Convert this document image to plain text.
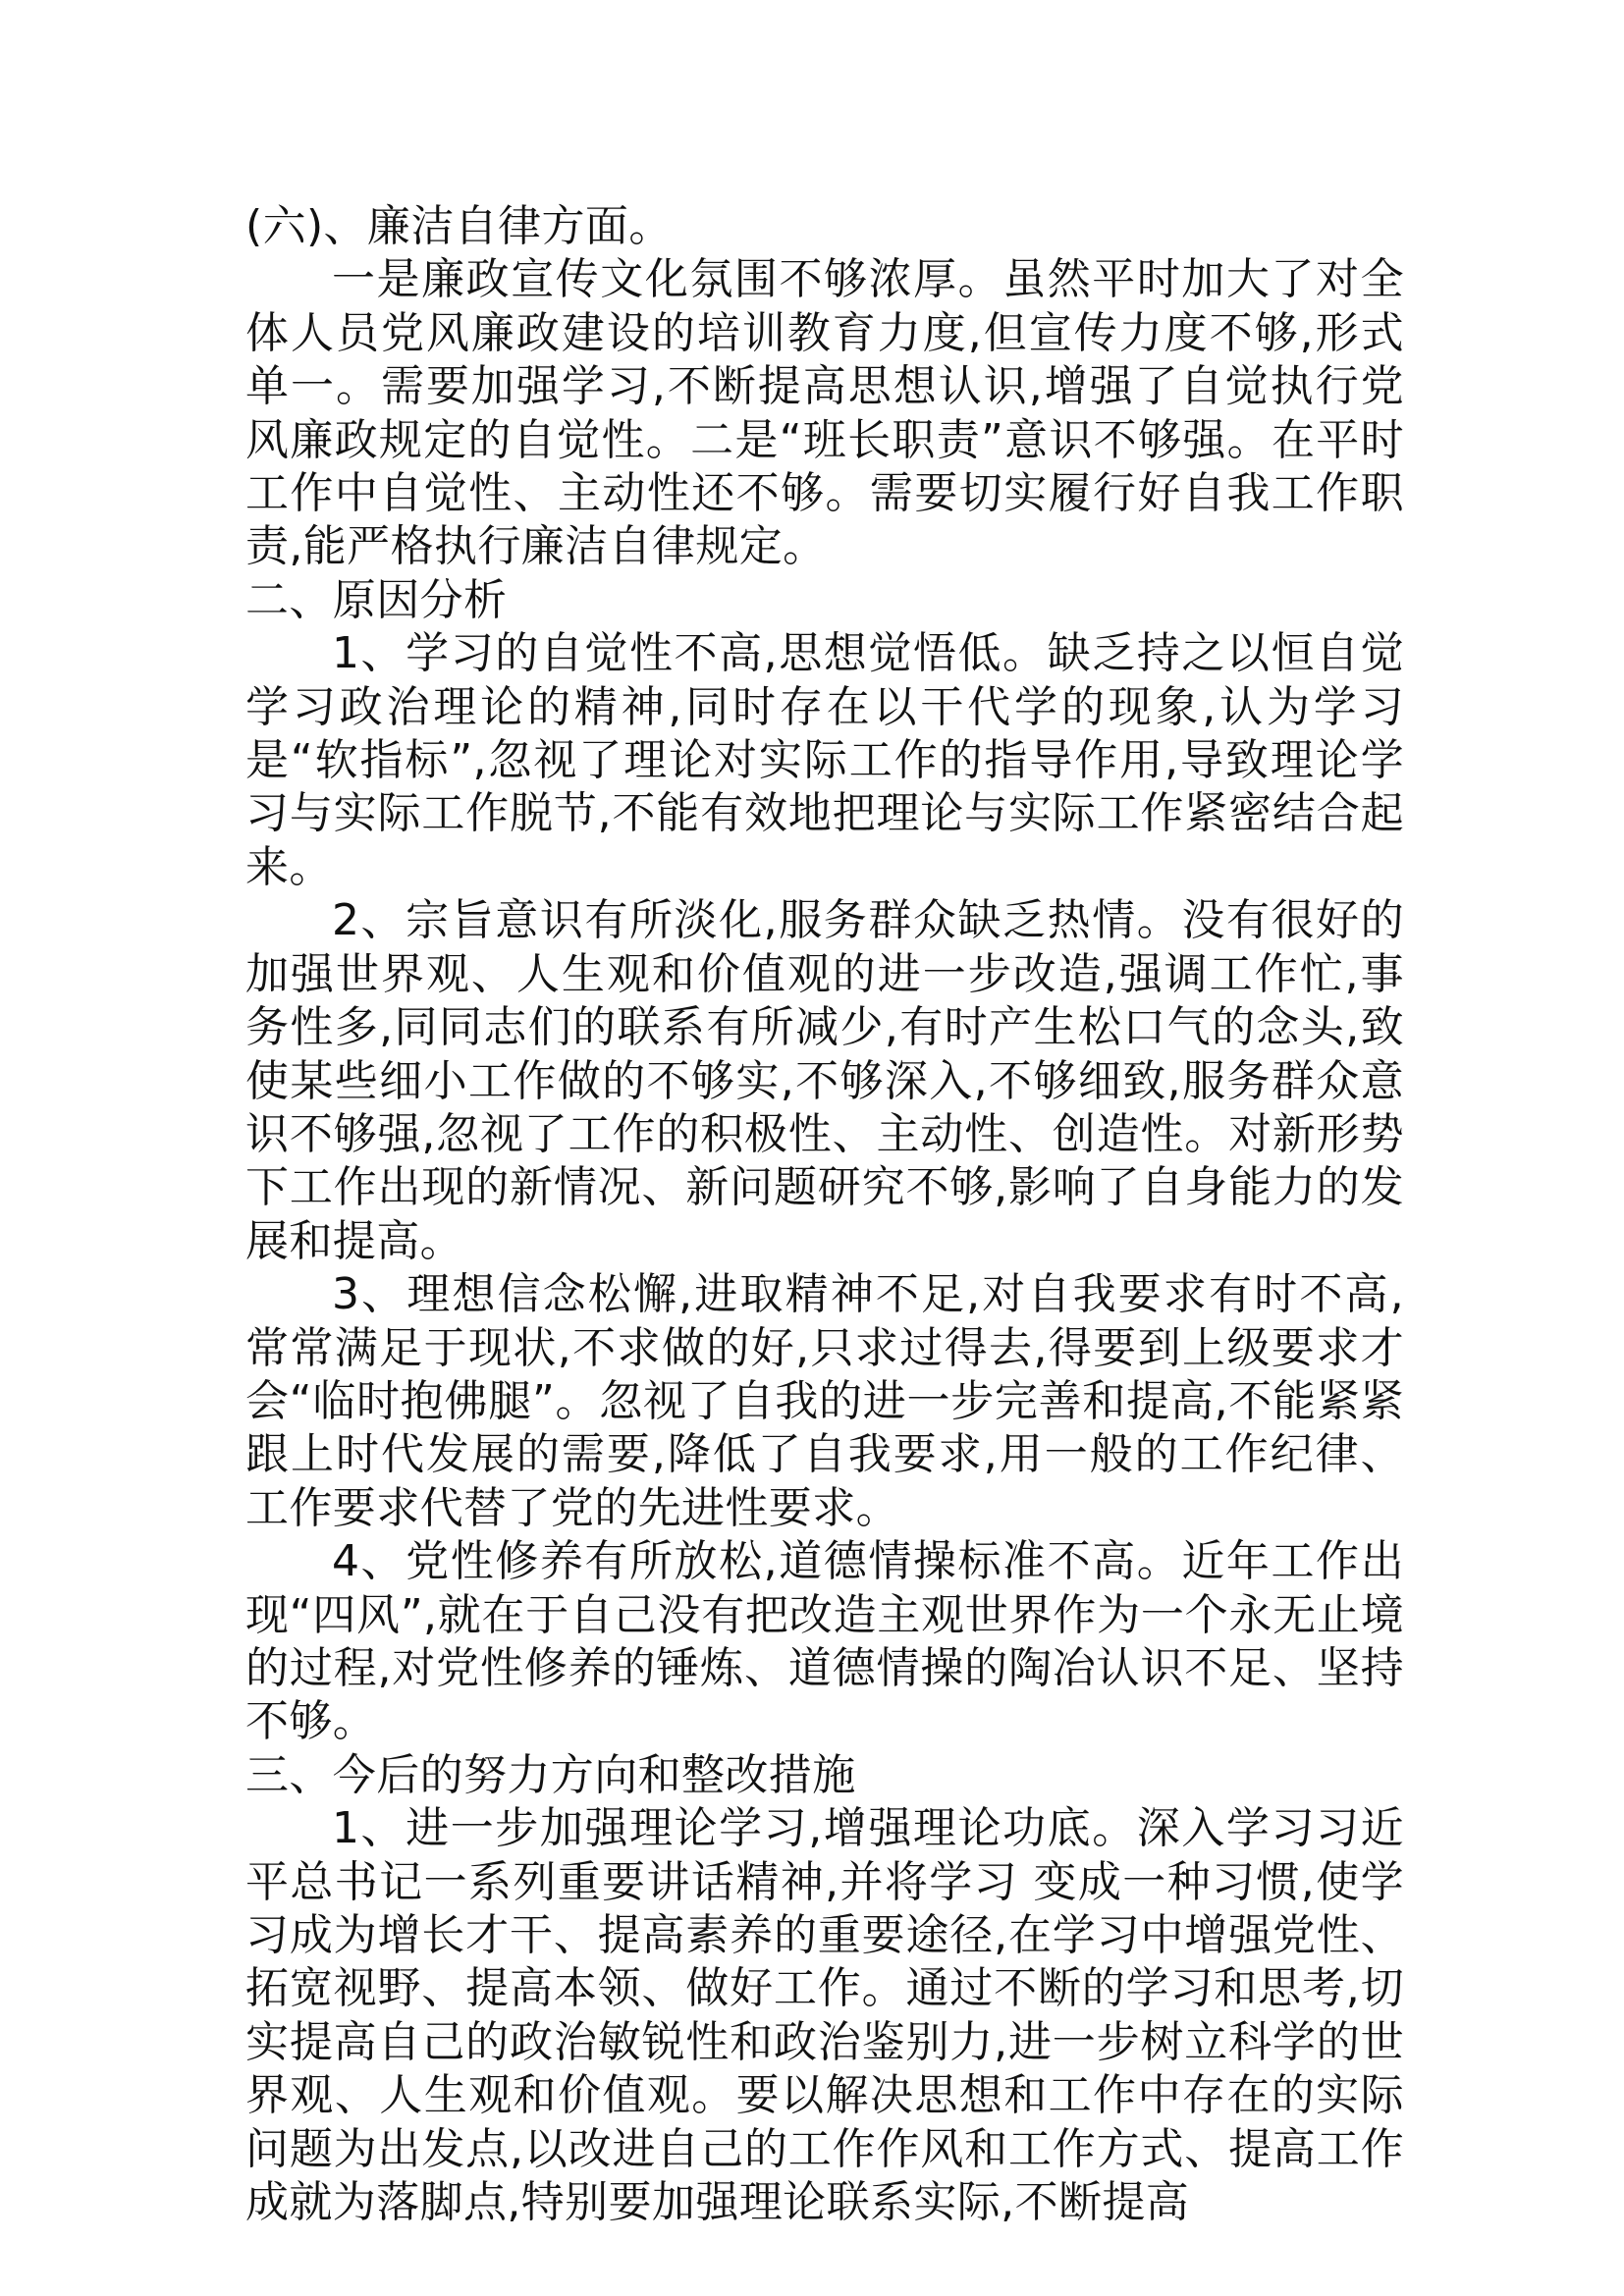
(六)、廉洁自律方面。

一是廉政宣传文化氛围不够浓厚。虽然平时加大了对全体人员党风廉政建设的培训教育力度,但宣传力度不够,形式单一。需要加强学习,不断提高思想认识,增强了自觉执行党风廉政规定的自觉性。二是“班长职责”意识不够强。在平时工作中自觉性、主动性还不够。需要切实履行好自我工作职责,能严格执行廉洁自律规定。

二、原因分析

1、学习的自觉性不高,思想觉悟低。缺乏持之以恒自觉学习政治理论的精神,同时存在以干代学的现象,认为学习是“软指标”,忽视了理论对实际工作的指导作用,导致理论学习与实际工作脱节,不能有效地把理论与实际工作紧密结合起来。

2、宗旨意识有所淡化,服务群众缺乏热情。没有很好的加强世界观、人生观和价值观的进一步改造,强调工作忙,事务性多,同同志们的联系有所减少,有时产生松口气的念头,致使某些细小工作做的不够实,不够深入,不够细致,服务群众意识不够强,忽视了工作的积极性、主动性、创造性。对新形势下工作出现的新情况、新问题研究不够,影响了自身能力的发展和提高。

3、理想信念松懈,进取精神不足,对自我要求有时不高,常常满足于现状,不求做的好,只求过得去,得要到上级要求才会“临时抱佛腿”。忽视了自我的进一步完善和提高,不能紧紧跟上时代发展的需要,降低了自我要求,用一般的工作纪律、 工作要求代替了党的先进性要求。

4、党性修养有所放松,道德情操标准不高。近年工作出现“四风”,就在于自己没有把改造主观世界作为一个永无止境的过程,对党性修养的锤炼、道德情操的陶冶认识不足、坚持不够。

三、今后的努力方向和整改措施

1、进一步加强理论学习,增强理论功底。深入学习习近平总书记一系列重要讲话精神,并将学习 变成一种习惯,使学习成为增长才干、提高素养的重要途径,在学习中增强党性、拓宽视野、提高本领、做好工作。通过不断的学习和思考,切实提高自己的政治敏锐性和政治鉴别力,进一步树立科学的世界观、人生观和价值观。要以解决思想和工作中存在的实际问题为出发点,以改进自己的工作作风和工作方式、提高工作成就为落脚点,特别要加强理论联系实际,不断提高
